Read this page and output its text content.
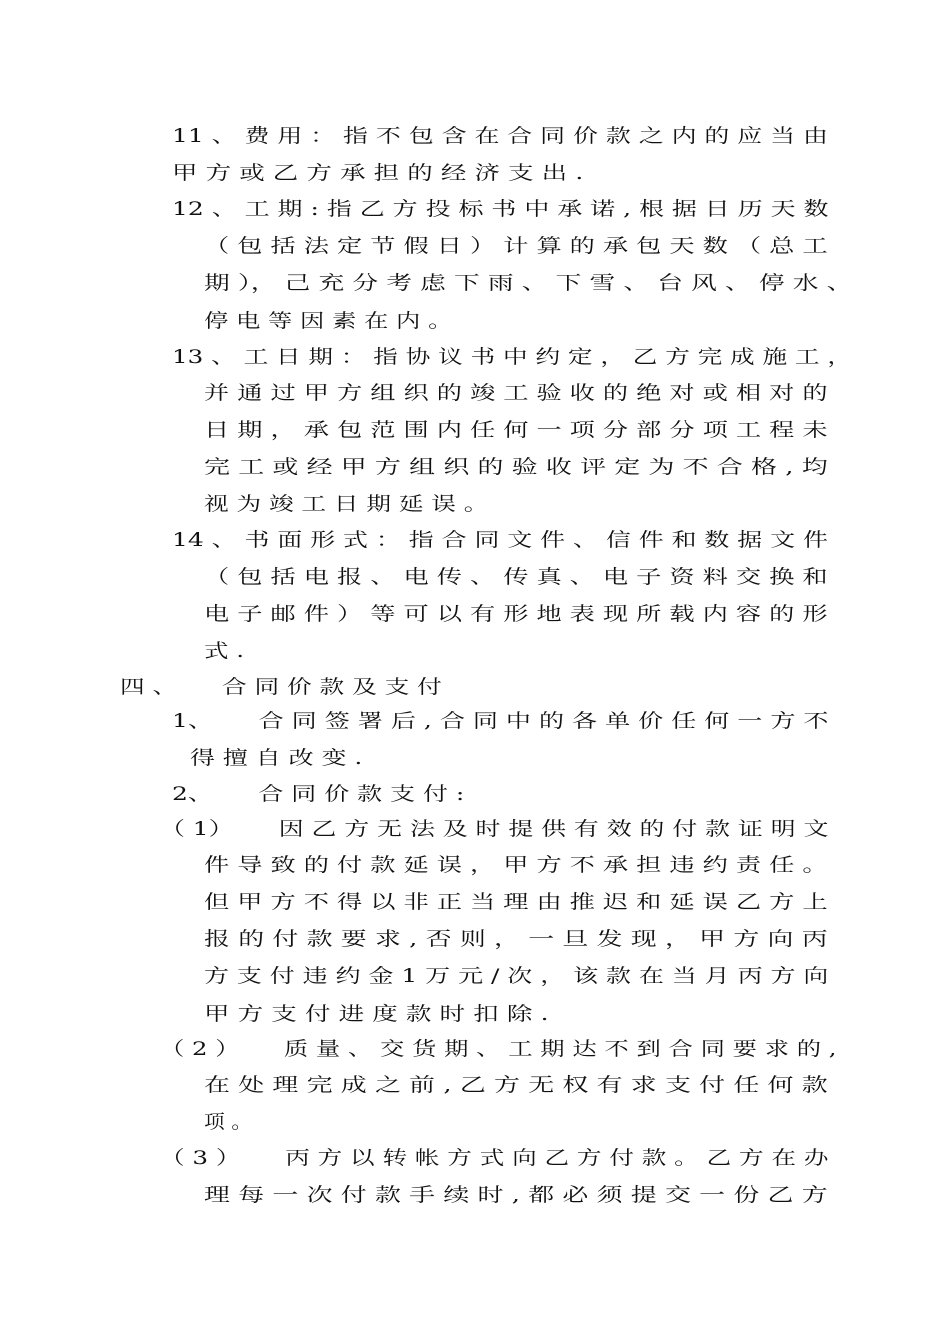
11 、 费 用 ： 指 不 包 含 在 合 同 价 款 之 内 的 应 当 由
甲 方 或 乙 方 承 担 的 经 济 支 出 .
12 、 工 期 : 指 乙 方 投 标 书 中 承 诺 , 根 据 日 历 天 数
（ 包 括 法 定 节 假 日 ） 计 算 的 承 包 天 数 （ 总 工
期 ）， 己 充 分 考 虑 下 雨 、 下 雪 、 台 风 、 停 水 、
停 电 等 因 素 在 内 。
13 、 工 日 期 ： 指 协 议 书 中 约 定 ， 乙 方 完 成 施 工 ，
并 通 过 甲 方 组 织 的 竣 工 验 收 的 绝 对 或 相 对 的
日 期 ， 承 包 范 围 内 任 何 一 项 分 部 分 项 工 程 未
完 工 或 经 甲 方 组 织 的 验 收 评 定 为 不 合 格 , 均
视 为 竣 工 日 期 延 误 。
14 、 书 面 形 式 ： 指 合 同 文 件 、 信 件 和 数 据 文 件
（ 包 括 电 报 、 电 传 、 传 真 、 电 子 资 料 交 换 和
电 子 邮 件 ） 等 可 以 有 形 地 表 现 所 载 内 容 的 形
式 .
四 、　　 合 同 价 款 及 支 付
1、　　 合 同 签 署 后 , 合 同 中 的 各 单 价 任 何 一 方 不
得 擅 自 改 变 .
2、　　 合 同 价 款 支 付 :
（ 1）　　 因 乙 方 无 法 及 时 提 供 有 效 的 付 款 证 明 文
件 导 致 的 付 款 延 误 ， 甲 方 不 承 担 违 约 责 任 。
但 甲 方 不 得 以 非 正 当 理 由 推 迟 和 延 误 乙 方 上
报 的 付 款 要 求 , 否 则 ， 一 旦 发 现 ， 甲 方 向 丙
方 支 付 违 约 金 1 万 元 / 次 ， 该 款 在 当 月 丙 方 向
甲 方 支 付 进 度 款 时 扣 除 .
（ 2 ）　　 质 量 、 交 货 期 、 工 期 达 不 到 合 同 要 求 的 ,
在 处 理 完 成 之 前 , 乙 方 无 权 有 求 支 付 任 何 款
项 。
（ 3 ）　　 丙 方 以 转 帐 方 式 向 乙 方 付 款 。 乙 方 在 办
理 每 一 次 付 款 手 续 时 , 都 必 须 提 交 一 份 乙 方
